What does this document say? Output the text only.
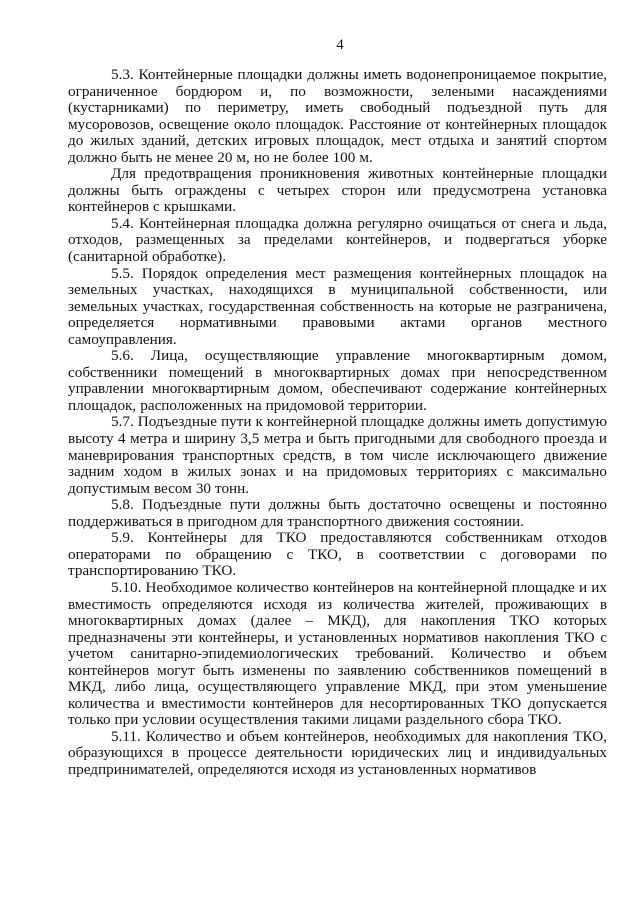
4

5.3. Контейнерные площадки должны иметь водонепроницаемое покрытие, ограниченное бордюром и, по возможности, зелеными насаждениями (кустарниками) по периметру, иметь свободный подъездной путь для мусоровозов, освещение около площадок. Расстояние от контейнерных площадок до жилых зданий, детских игровых площадок, мест отдыха и занятий спортом должно быть не менее 20 м, но не более 100 м.

Для предотвращения проникновения животных контейнерные площадки должны быть ограждены с четырех сторон или предусмотрена установка контейнеров с крышками.

5.4. Контейнерная площадка должна регулярно очищаться от снега и льда, отходов, размещенных за пределами контейнеров, и подвергаться уборке (санитарной обработке).

5.5. Порядок определения мест размещения контейнерных площадок на земельных участках, находящихся в муниципальной собственности, или земельных участках, государственная собственность на которые не разграничена, определяется нормативными правовыми актами органов местного самоуправления.

5.6. Лица, осуществляющие управление многоквартирным домом, собственники помещений в многоквартирных домах при непосредственном управлении многоквартирным домом, обеспечивают содержание контейнерных площадок, расположенных на придомовой территории.

5.7. Подъездные пути к контейнерной площадке должны иметь допустимую высоту 4 метра и ширину 3,5 метра и быть пригодными для свободного проезда и маневрирования транспортных средств, в том числе исключающего движение задним ходом в жилых зонах и на придомовых территориях с максимально допустимым весом 30 тонн.

5.8. Подъездные пути должны быть достаточно освещены и постоянно поддерживаться в пригодном для транспортного движения состоянии.

5.9. Контейнеры для ТКО предоставляются собственникам отходов операторами по обращению с ТКО, в соответствии с договорами по транспортированию ТКО.

5.10. Необходимое количество контейнеров на контейнерной площадке и их вместимость определяются исходя из количества жителей, проживающих в многоквартирных домах (далее – МКД), для накопления ТКО которых предназначены эти контейнеры, и установленных нормативов накопления ТКО с учетом санитарно-эпидемиологических требований. Количество и объем контейнеров могут быть изменены по заявлению собственников помещений в МКД, либо лица, осуществляющего управление МКД, при этом уменьшение количества и вместимости контейнеров для несортированных ТКО допускается только при условии осуществления такими лицами раздельного сбора ТКО.

5.11. Количество и объем контейнеров, необходимых для накопления ТКО, образующихся в процессе деятельности юридических лиц и индивидуальных предпринимателей, определяются исходя из установленных нормативов
